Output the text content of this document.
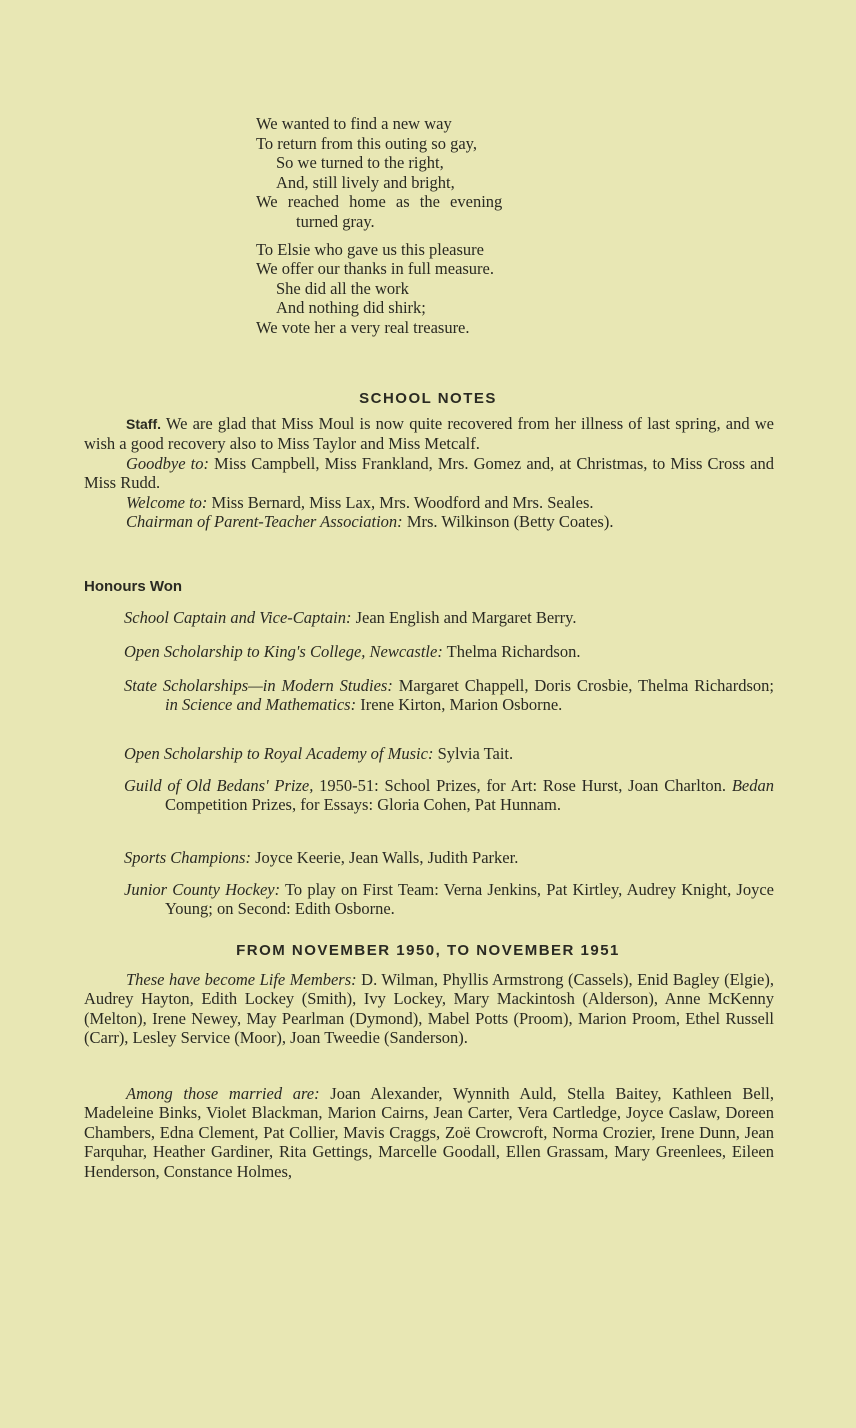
We wanted to find a new way
To return from this outing so gay,
So we turned to the right,
And, still lively and bright,
We reached home as the evening
turned gray.
To Elsie who gave us this pleasure
We offer our thanks in full measure.
She did all the work
And nothing did shirk;
We vote her a very real treasure.
SCHOOL NOTES
Staff. We are glad that Miss Moul is now quite recovered from her illness of last spring, and we wish a good recovery also to Miss Taylor and Miss Metcalf.
Goodbye to: Miss Campbell, Miss Frankland, Mrs. Gomez and, at Christmas, to Miss Cross and Miss Rudd.
Welcome to: Miss Bernard, Miss Lax, Mrs. Woodford and Mrs. Seales.
Chairman of Parent-Teacher Association: Mrs. Wilkinson (Betty Coates).
Honours Won
School Captain and Vice-Captain: Jean English and Margaret Berry.
Open Scholarship to King's College, Newcastle: Thelma Richardson.
State Scholarships—in Modern Studies: Margaret Chappell, Doris Crosbie, Thelma Richardson; in Science and Mathematics: Irene Kirton, Marion Osborne.
Open Scholarship to Royal Academy of Music: Sylvia Tait.
Guild of Old Bedans' Prize, 1950-51: School Prizes, for Art: Rose Hurst, Joan Charlton. Bedan Competition Prizes, for Essays: Gloria Cohen, Pat Hunnam.
Sports Champions: Joyce Keerie, Jean Walls, Judith Parker.
Junior County Hockey: To play on First Team: Verna Jenkins, Pat Kirtley, Audrey Knight, Joyce Young; on Second: Edith Osborne.
FROM NOVEMBER 1950, TO NOVEMBER 1951
These have become Life Members: D. Wilman, Phyllis Armstrong (Cassels), Enid Bagley (Elgie), Audrey Hayton, Edith Lockey (Smith), Ivy Lockey, Mary Mackintosh (Alderson), Anne McKenny (Melton), Irene Newey, May Pearlman (Dymond), Mabel Potts (Proom), Marion Proom, Ethel Russell (Carr), Lesley Service (Moor), Joan Tweedie (Sanderson).
Among those married are: Joan Alexander, Wynnith Auld, Stella Baitey, Kathleen Bell, Madeleine Binks, Violet Blackman, Marion Cairns, Jean Carter, Vera Cartledge, Joyce Caslaw, Doreen Chambers, Edna Clement, Pat Collier, Mavis Craggs, Zoë Crowcroft, Norma Crozier, Irene Dunn, Jean Farquhar, Heather Gardiner, Rita Gettings, Marcelle Goodall, Ellen Grassam, Mary Greenlees, Eileen Henderson, Constance Holmes,
